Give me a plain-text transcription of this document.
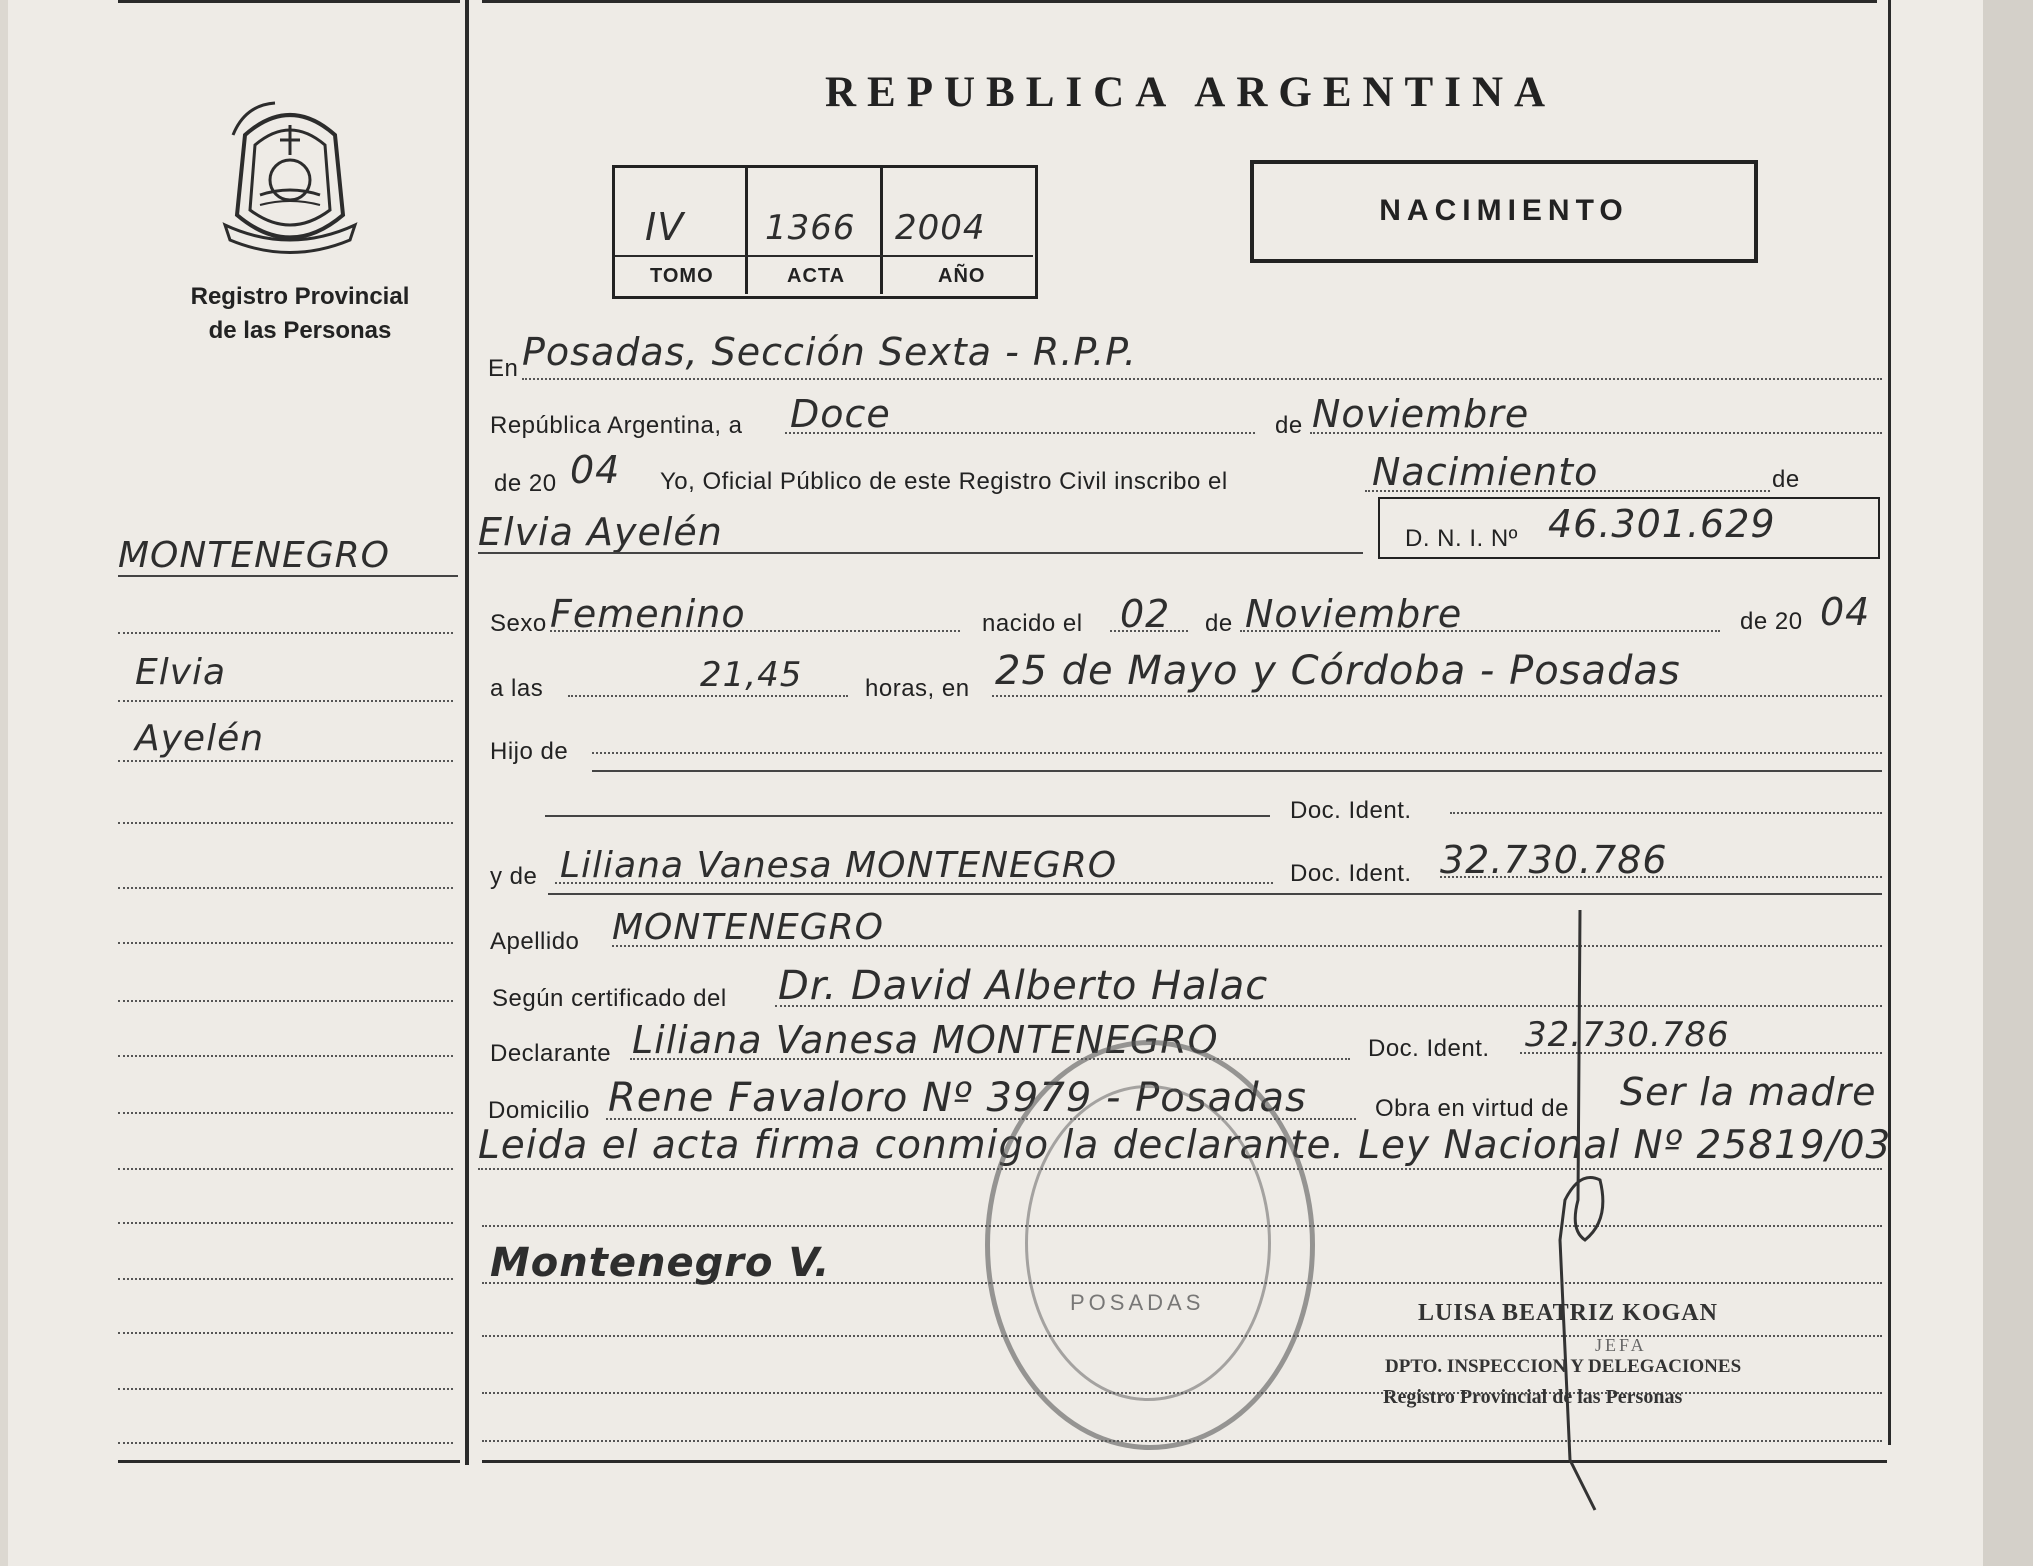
Registro Provincial
de las Personas
MONTENEGRO
Elvia
Ayelén
REPUBLICA ARGENTINA
IV 1366 2004
TOMO	ACTA	AÑO
NACIMIENTO
En Posadas, Sección Sexta - R.P.P.
República Argentina, a Doce	de Noviembre
de 20 04 Yo, Oficial Público de este Registro Civil inscribo el	Nacimiento	de
Elvia Ayelén	D. N. I. Nº 46.301.629
Sexo Femenino	nacido el 02 de Noviembre	de 20 04
a las	21,45	horas, en 25 de Mayo y Córdoba - Posadas
Hijo de
Doc. Ident.
y de Liliana Vanesa MONTENEGRO	Doc. Ident. 32.730.786
Apellido MONTENEGRO
Según certificado del Dr. David Alberto Halac
Declarante Liliana Vanesa MONTENEGRO	Doc. Ident. 32.730.786
Domicilio Rene Favaloro Nº 3979 - Posadas	Obra en virtud de Ser la madre
Leida el acta firma conmigo la declarante. Ley Nacional Nº 25819/03
Montenegro V.
POSADAS	LUISA BEATRIZ KOGAN
JEFA
DPTO. INSPECCION Y DELEGACIONES
Registro Provincial de las Personas
